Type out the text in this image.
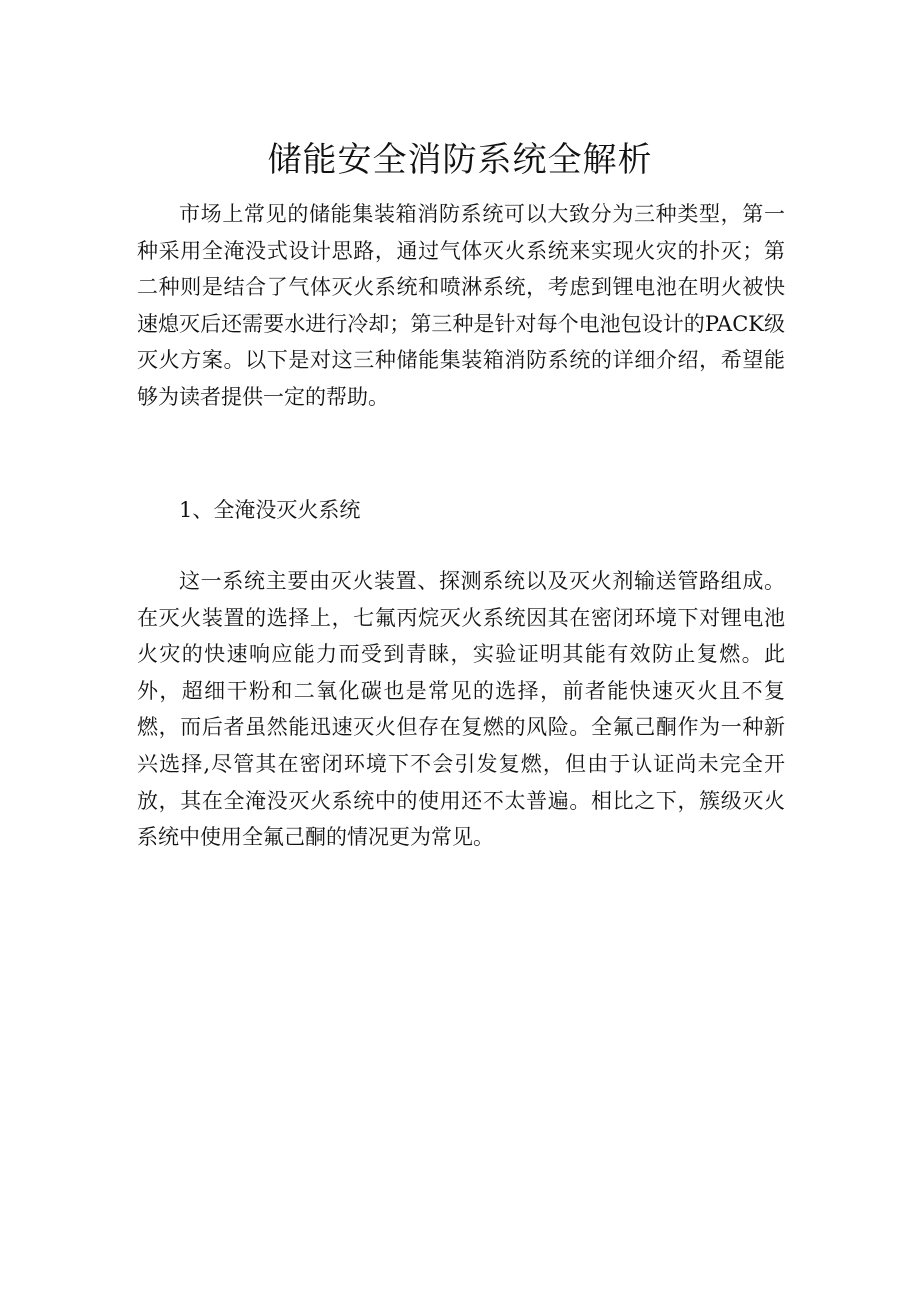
储能安全消防系统全解析

市场上常见的储能集装箱消防系统可以大致分为三种类型，第一种采用全淹没式设计思路，通过气体灭火系统来实现火灾的扑灭；第二种则是结合了气体灭火系统和喷淋系统，考虑到锂电池在明火被快速熄灭后还需要水进行冷却；第三种是针对每个电池包设计的PACK级灭火方案。以下是对这三种储能集装箱消防系统的详细介绍，希望能够为读者提供一定的帮助。

1、全淹没灭火系统

这一系统主要由灭火装置、探测系统以及灭火剂输送管路组成。在灭火装置的选择上，七氟丙烷灭火系统因其在密闭环境下对锂电池火灾的快速响应能力而受到青睐，实验证明其能有效防止复燃。此外，超细干粉和二氧化碳也是常见的选择，前者能快速灭火且不复燃，而后者虽然能迅速灭火但存在复燃的风险。全氟己酮作为一种新兴选择,尽管其在密闭环境下不会引发复燃，但由于认证尚未完全开放，其在全淹没灭火系统中的使用还不太普遍。相比之下，簇级灭火系统中使用全氟己酮的情况更为常见。
